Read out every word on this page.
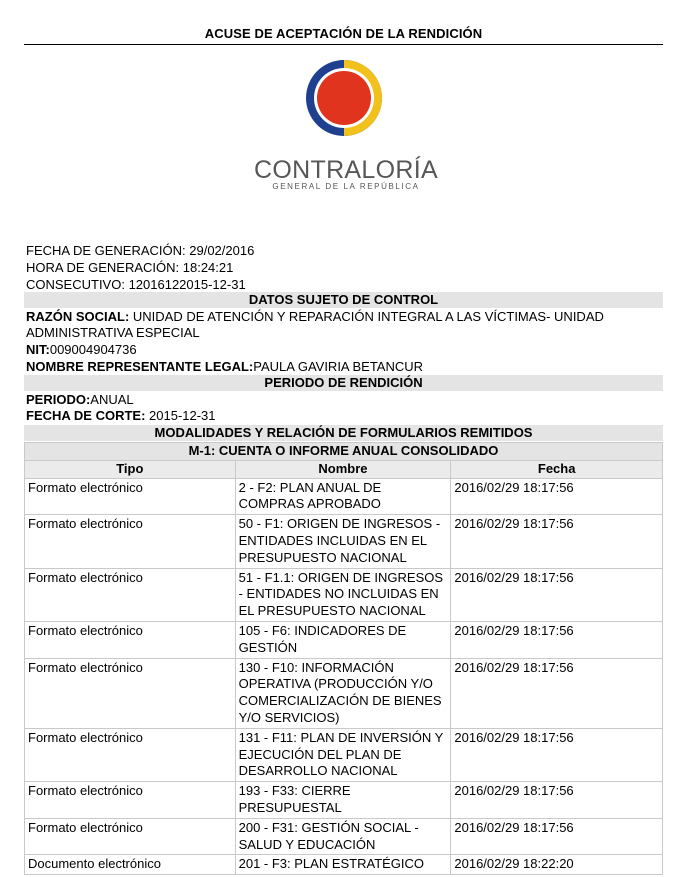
ACUSE DE ACEPTACIÓN DE LA RENDICIÓN
CONTRALORÍA
GENERAL DE LA REPÚBLICA
FECHA DE GENERACIÓN: 29/02/2016
HORA DE GENERACIÓN: 18:24:21
CONSECUTIVO: 12016122015-12-31
DATOS SUJETO DE CONTROL
RAZÓN SOCIAL: UNIDAD DE ATENCIÓN Y REPARACIÓN INTEGRAL A LAS VÍCTIMAS- UNIDAD ADMINISTRATIVA ESPECIAL
NIT:009004904736
NOMBRE REPRESENTANTE LEGAL:PAULA GAVIRIA BETANCUR
PERIODO DE RENDICIÓN
PERIODO:ANUAL
FECHA DE CORTE: 2015-12-31
MODALIDADES Y RELACIÓN DE FORMULARIOS REMITIDOS
M-1: CUENTA O INFORME ANUAL CONSOLIDADO		
Tipo	Nombre	Fecha
Formato electrónico	2 - F2: PLAN ANUAL DE COMPRAS APROBADO	2016/02/29 18:17:56
Formato electrónico	50 - F1: ORIGEN DE INGRESOS - ENTIDADES INCLUIDAS EN EL PRESUPUESTO NACIONAL	2016/02/29 18:17:56
Formato electrónico	51 - F1.1: ORIGEN DE INGRESOS - ENTIDADES NO INCLUIDAS EN EL PRESUPUESTO NACIONAL	2016/02/29 18:17:56
Formato electrónico	105 - F6: INDICADORES DE GESTIÓN	2016/02/29 18:17:56
Formato electrónico	130 - F10: INFORMACIÓN OPERATIVA (PRODUCCIÓN Y/O COMERCIALIZACIÓN DE BIENES Y/O SERVICIOS)	2016/02/29 18:17:56
Formato electrónico	131 - F11: PLAN DE INVERSIÓN Y EJECUCIÓN DEL PLAN DE DESARROLLO NACIONAL	2016/02/29 18:17:56
Formato electrónico	193 - F33: CIERRE PRESUPUESTAL	2016/02/29 18:17:56
Formato electrónico	200 - F31: GESTIÓN SOCIAL - SALUD Y EDUCACIÓN	2016/02/29 18:17:56
Documento electrónico	201 - F3: PLAN ESTRATÉGICO	2016/02/29 18:22:20
